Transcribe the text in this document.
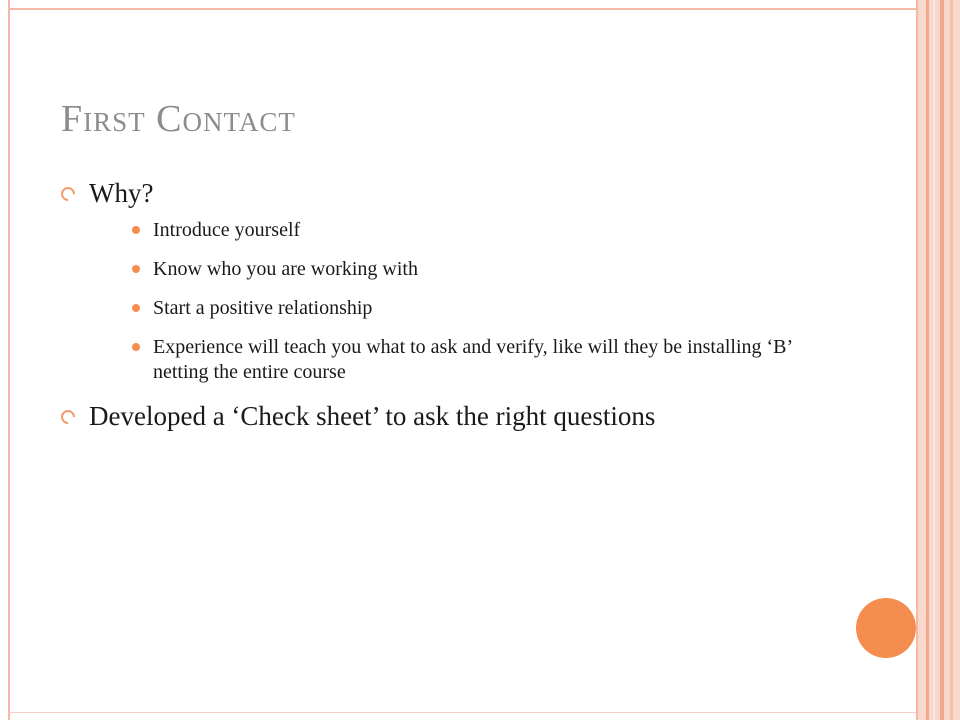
First Contact
Why?
Introduce yourself
Know who you are working with
Start a positive relationship
Experience will teach you what to ask and verify, like will they be installing ‘B’ netting the entire course
Developed a ‘Check sheet’ to ask the right questions
